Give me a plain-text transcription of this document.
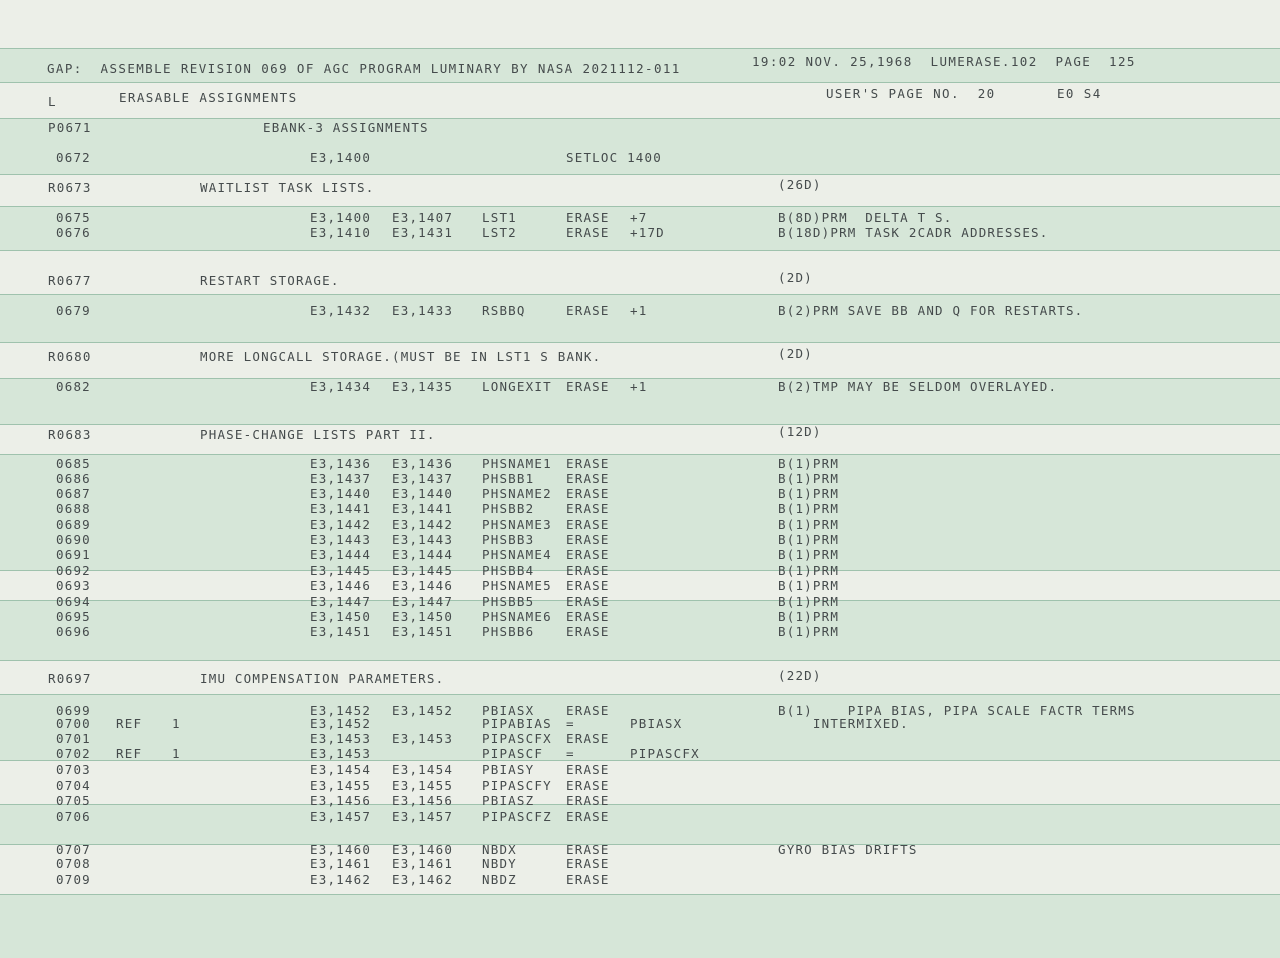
GAP:  ASSEMBLE REVISION 069 OF AGC PROGRAM LUMINARY BY NASA 2021112-011	19:02 NOV. 25,1968  LUMERASE.102  PAGE  125
L	ERASABLE ASSIGNMENTS	USER'S PAGE NO.  20	E0 S4
P0671	EBANK-3 ASSIGNMENTS
0672	E3,1400	SETLOC 1400
R0673	WAITLIST TASK LISTS.	(26D)
0675	E3,1400 E3,1407 LST1	ERASE +7	B(8D)PRM  DELTA T S.
0676	E3,1410 E3,1431 LST2	ERASE +17D	B(18D)PRM TASK 2CADR ADDRESSES.
R0677	RESTART STORAGE.	(2D)
0679	E3,1432 E3,1433 RSBBQ	ERASE +1	B(2)PRM SAVE BB AND Q FOR RESTARTS.
R0680	MORE LONGCALL STORAGE.(MUST BE IN LST1 S BANK.	(2D)
0682	E3,1434 E3,1435 LONGEXIT ERASE +1	B(2)TMP MAY BE SELDOM OVERLAYED.
R0683	PHASE-CHANGE LISTS PART II.	(12D)
0685	E3,1436 E3,1436 PHSNAME1 ERASE	B(1)PRM
0686	E3,1437 E3,1437 PHSBB1	ERASE	B(1)PRM
0687	E3,1440 E3,1440 PHSNAME2 ERASE	B(1)PRM
0688	E3,1441 E3,1441 PHSBB2	ERASE	B(1)PRM
0689	E3,1442 E3,1442 PHSNAME3 ERASE	B(1)PRM
0690	E3,1443 E3,1443 PHSBB3	ERASE	B(1)PRM
0691	E3,1444 E3,1444 PHSNAME4 ERASE	B(1)PRM
0692	E3,1445 E3,1445 PHSBB4	ERASE	B(1)PRM
0693	E3,1446 E3,1446 PHSNAME5 ERASE	B(1)PRM
0694	E3,1447 E3,1447 PHSBB5	ERASE	B(1)PRM
0695	E3,1450 E3,1450 PHSNAME6 ERASE	B(1)PRM
0696	E3,1451 E3,1451 PHSBB6	ERASE	B(1)PRM
R0697	IMU COMPENSATION PARAMETERS.	(22D)
0699	E3,1452 E3,1452 PBIASX	ERASE	B(1)    PIPA BIAS, PIPA SCALE FACTR TERMS
0700 REF 1	E3,1452	PIPABIAS =	PBIASX	INTERMIXED.
0701	E3,1453 E3,1453 PIPASCFX ERASE
0702 REF 1	E3,1453	PIPASCF =	PIPASCFX
0703	E3,1454 E3,1454 PBIASY	ERASE
0704	E3,1455 E3,1455 PIPASCFY ERASE
0705	E3,1456 E3,1456 PBIASZ	ERASE
0706	E3,1457 E3,1457 PIPASCFZ ERASE
0707	E3,1460 E3,1460 NBDX	ERASE	GYRO BIAS DRIFTS
0708	E3,1461 E3,1461 NBDY	ERASE
0709	E3,1462 E3,1462 NBDZ	ERASE
